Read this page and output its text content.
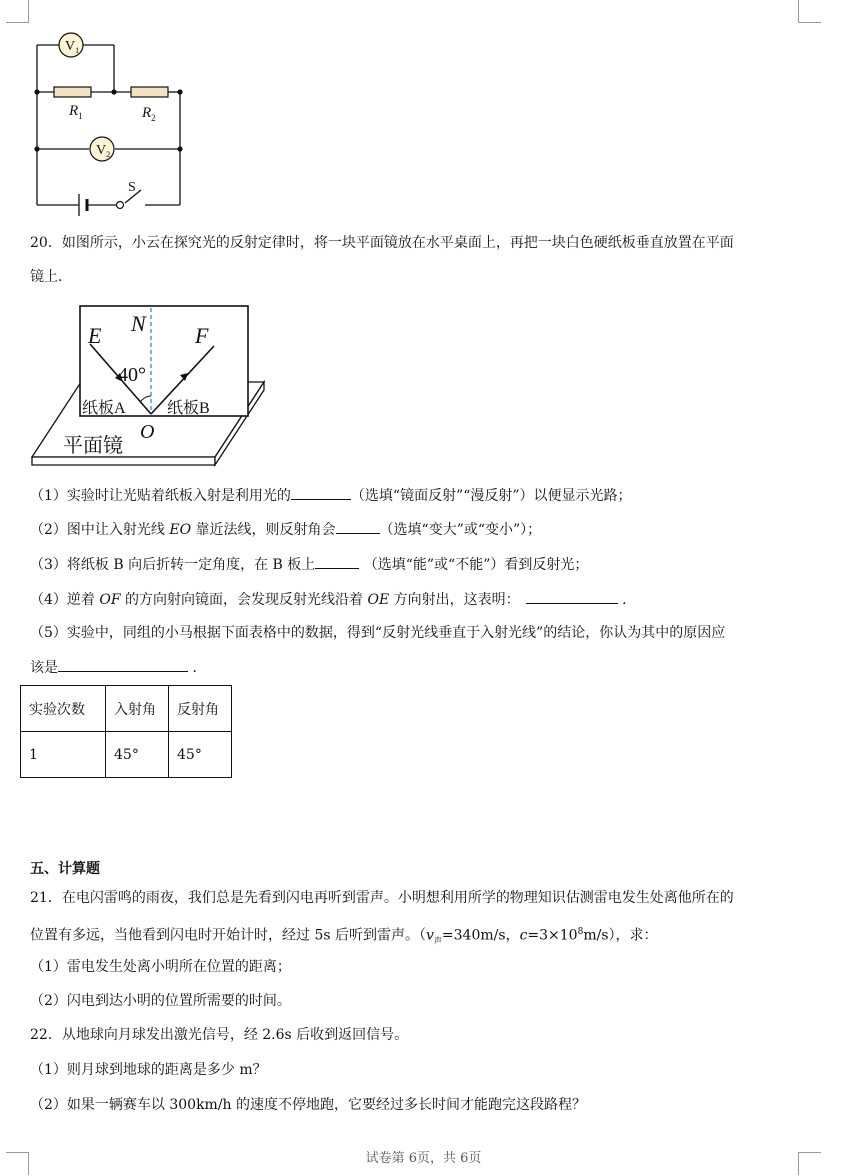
$V_1$
$V_2$
$R_1$	$R_2$
S
20．如图所示，小云在探究光的反射定律时，将一块平面镜放在水平桌面上，再把一块白色硬纸板垂直放置在平面
镜上．
E N F
40°
纸板A	纸板B
O
平面镜
（1）实验时让光贴着纸板入射是利用光的	（选填“镜面反射”“漫反射”）以便显示光路；
（2）图中让入射光线 EO 靠近法线，则反射角会	（选填“变大”或“变小”）；
（3）将纸板 B 向后折转一定角度，在 B 板上	（选填“能”或“不能”）看到反射光；
（4）逆着 OF 的方向射向镜面，会发现反射光线沿着 OE 方向射出，这表明：	．
（5）实验中，同组的小马根据下面表格中的数据，得到“反射光线垂直于入射光线”的结论，你认为其中的原因应
该是	．
实验次数	入射角	反射角
1	45°	45°
五、计算题
21．在电闪雷鸣的雨夜，我们总是先看到闪电再听到雷声。小明想利用所学的物理知识估测雷电发生处离他所在的
位置有多远，当他看到闪电时开始计时，经过 5s 后听到雷声。（$v_声=340m/s$，$c=3\times 10^8m/s$），求：
（1）雷电发生处离小明所在位置的距离；
（2）闪电到达小明的位置所需要的时间。
22．从地球向月球发出激光信号，经 2.6s 后收到返回信号。
（1）则月球到地球的距离是多少 m？
（2）如果一辆赛车以 300km/h 的速度不停地跑，它要经过多长时间才能跑完这段路程？
试卷第 6页，共 6页
